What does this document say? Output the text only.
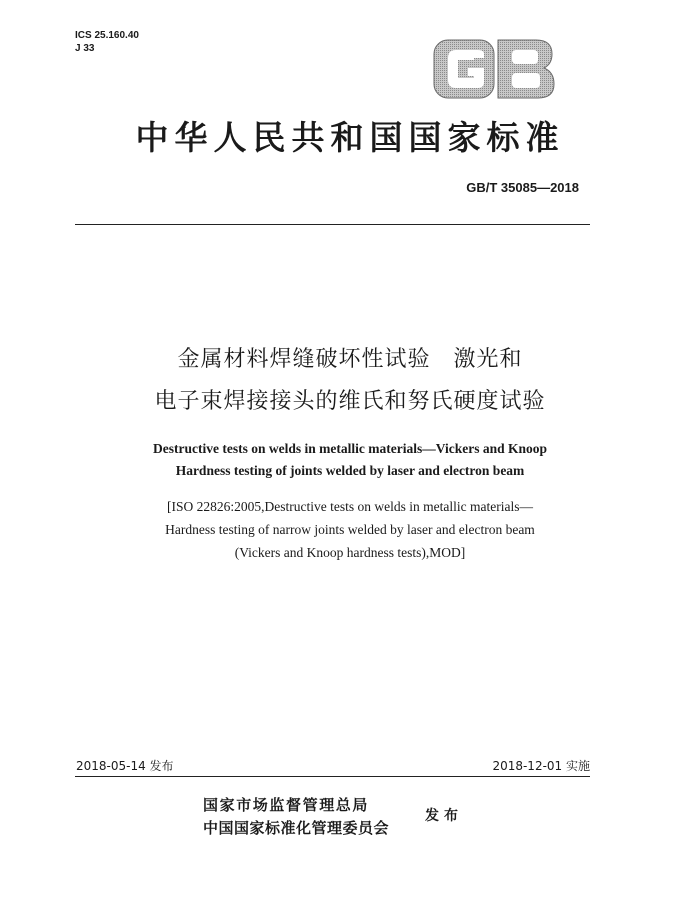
ICS 25.160.40
J 33
GB
中华人民共和国国家标准
GB/T 35085—2018
金属材料焊缝破坏性试验　激光和
电子束焊接接头的维氏和努氏硬度试验
Destructive tests on welds in metallic materials—Vickers and Knoop
Hardness testing of joints welded by laser and electron beam
[ISO 22826:2005,Destructive tests on welds in metallic materials—
Hardness testing of narrow joints welded by laser and electron beam
(Vickers and Knoop hardness tests),MOD]
2018-05-14 发布	2018-12-01 实施
国家市场监督管理总局
中国国家标准化管理委员会
发布
